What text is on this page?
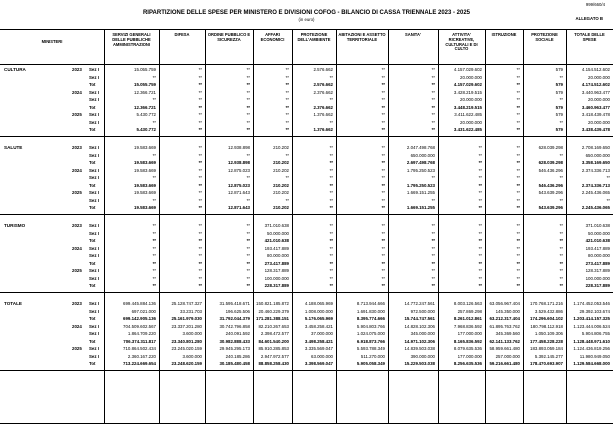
999/660/4
RIPARTIZIONE DELLE SPESE PER MINISTERO E DIVISIONI COFOG - BILANCIO DI CASSA TRIENNALE 2023 - 2025
(in euro)	ALLEGATO B
MINISTERI
SERVIZI GENERALI DELLE PUBBLICHE AMMINISTRAZIONI
DIFESA	ORDINE PUBBLICO E SICUREZZA
AFFARI ECONOMICI
PROTEZIONE DELL'AMBIENTE
ABITAZIONI E ASSETTO TERRITORIALE
SANITA'	ATTIVITA' RICREATIVE, CULTURALI E DI CULTO
ISTRUZIONE	PROTEZIONE SOCIALE
TOTALE DELLE SPESE
CULTURA	2023 Sez I	15.055.759	**	**	**	2.576.662	**	**	4.157.029.602	**	579	4.154.512.602
Sez I	**	**	**	**	**	**	**	20.000.000	**	**	20.000.000
Tot	15.055.759	**	**	**	2.576.662	**	**	4.157.029.602	**	579	4.174.512.602
2024 Sez I	12.366.721	**	**	**	2.376.662	**	**	3.428.219.515	**	579	3.440.963.477
Sez I	**	**	**	**	**	**	**	20.000.000	**	**	20.000.000
Tot	12.366.721	**	**	**	2.376.662	**	**	3.448.219.515	**	579	3.460.963.477
2025 Sez I	5.430.772	**	**	**	1.376.662	**	**	3.411.622.485	**	579	3.418.439.478
Sez I	**	**	**	**	**	**	**	20.000.000	**	**	20.000.000
Tot	5.430.772	**	**	**	1.376.662	**	**	3.431.622.485	**	579	3.438.439.478
SALUTE	2023 Sez I	19.583.669	**	12.938.898	210.202	**	**	2.047.498.768	**	**	628.039.298	2.708.169.650
Sez I	**	**	**	**	**	**	650.000.000	**	**	**	650.000.000
Tot	19.583.669	**	12.938.898	210.202	**	**	2.697.498.768	**	**	628.039.298	3.358.169.650
2024 Sez I	19.583.669	**	12.875.023	210.202	**	**	1.795.250.523	**	**	546.436.296	2.374.336.713
Sez I	**	**	**	**	**	**	**	**	**	**	**
Tot	19.583.669	**	12.875.023	210.202	**	**	1.795.250.523	**	**	546.436.296	2.374.336.713
2025 Sez I	19.583.669	**	12.871.643	210.202	**	**	1.669.151.255	**	**	543.639.296	2.245.436.065
Sez I	**	**	**	**	**	**	**	**	**	**	**
Tot	19.583.669	**	12.871.643	210.202	**	**	1.669.151.255	**	**	543.639.296	2.245.436.065
TURISMO	2023 Sez I	**	**	**	371.010.638	**	**	**	**	**	**	371.010.638
Sez I	**	**	**	50.000.000	**	**	**	**	**	**	50.000.000
Tot	**	**	**	421.010.638	**	**	**	**	**	**	421.010.638
2024 Sez I	**	**	**	193.417.889	**	**	**	**	**	**	193.417.889
Sez I	**	**	**	80.000.000	**	**	**	**	**	**	80.000.000
Tot	**	**	**	273.417.889	**	**	**	**	**	**	273.417.889
2025 Sez I	**	**	**	128.317.889	**	**	**	**	**	**	128.317.889
Sez I	**	**	**	100.000.000	**	**	**	**	**	**	100.000.000
Tot	**	**	**	228.317.889	**	**	**	**	**	**	228.317.889
TOTALE	2023 Sez I	699.445.884.136	25.128.747.327	31.595.418.671	150.821.185.872	4.188.065.969	8.713.944.666	14.772.247.561	8.003.126.563	63.056.967.404	170.768.171.216	1.174.452.053.546
Sez I	697.021.000	33.231.703	196.625.506	20.460.229.379	1.008.000.000	1.691.830.000	972.500.000	257.869.298	145.350.000	3.529.432.886	29.392.103.674
Tot	699.142.905.136	25.161.979.030	31.792.044.379	171.281.388.151	5.176.065.969	8.395.774.666	15.744.747.561	8.261.012.861	63.212.317.404	174.296.604.102	1.203.414.157.325
2024 Sez I	704.509.602.567	23.337.201.280	30.742.796.858	82.210.267.653	3.458.258.421	5.904.803.766	14.828.102.306	7.968.836.592	61.895.763.762	180.798.112.918	1.123.444.006.524
Sez I	1.864.709.220	3.600.000	240.091.592	2.398.472.577	37.000.000	1.024.075.000	345.000.000	177.000.000	345.369.560	1.050.109.306	5.904.806.755
Tot	706.374.311.817	23.340.801.280	30.982.888.433	84.601.540.200	3.498.258.421	6.918.873.766	14.971.102.306	8.165.836.592	62.141.133.762	177.458.228.228	1.128.448.971.610
2025 Sez I	710.864.502.434	23.245.020.159	29.945.295.173	85.910.285.853	3.335.569.047	5.593.788.349	14.839.503.038	8.079.635.536	58.959.661.480	183.893.059.184	1.124.436.819.256
Sez I	2.360.167.220	3.600.000	240.185.286	2.947.972.577	63.000.000	511.270.000	390.000.000	177.000.000	257.000.000	5.392.145.277	11.980.949.050
Tot	713.224.669.654	23.248.620.159	30.185.480.458	88.858.258.430	3.398.569.047	5.905.058.349	15.229.503.038	8.256.635.536	59.216.661.480	178.470.693.907	1.129.584.668.000
